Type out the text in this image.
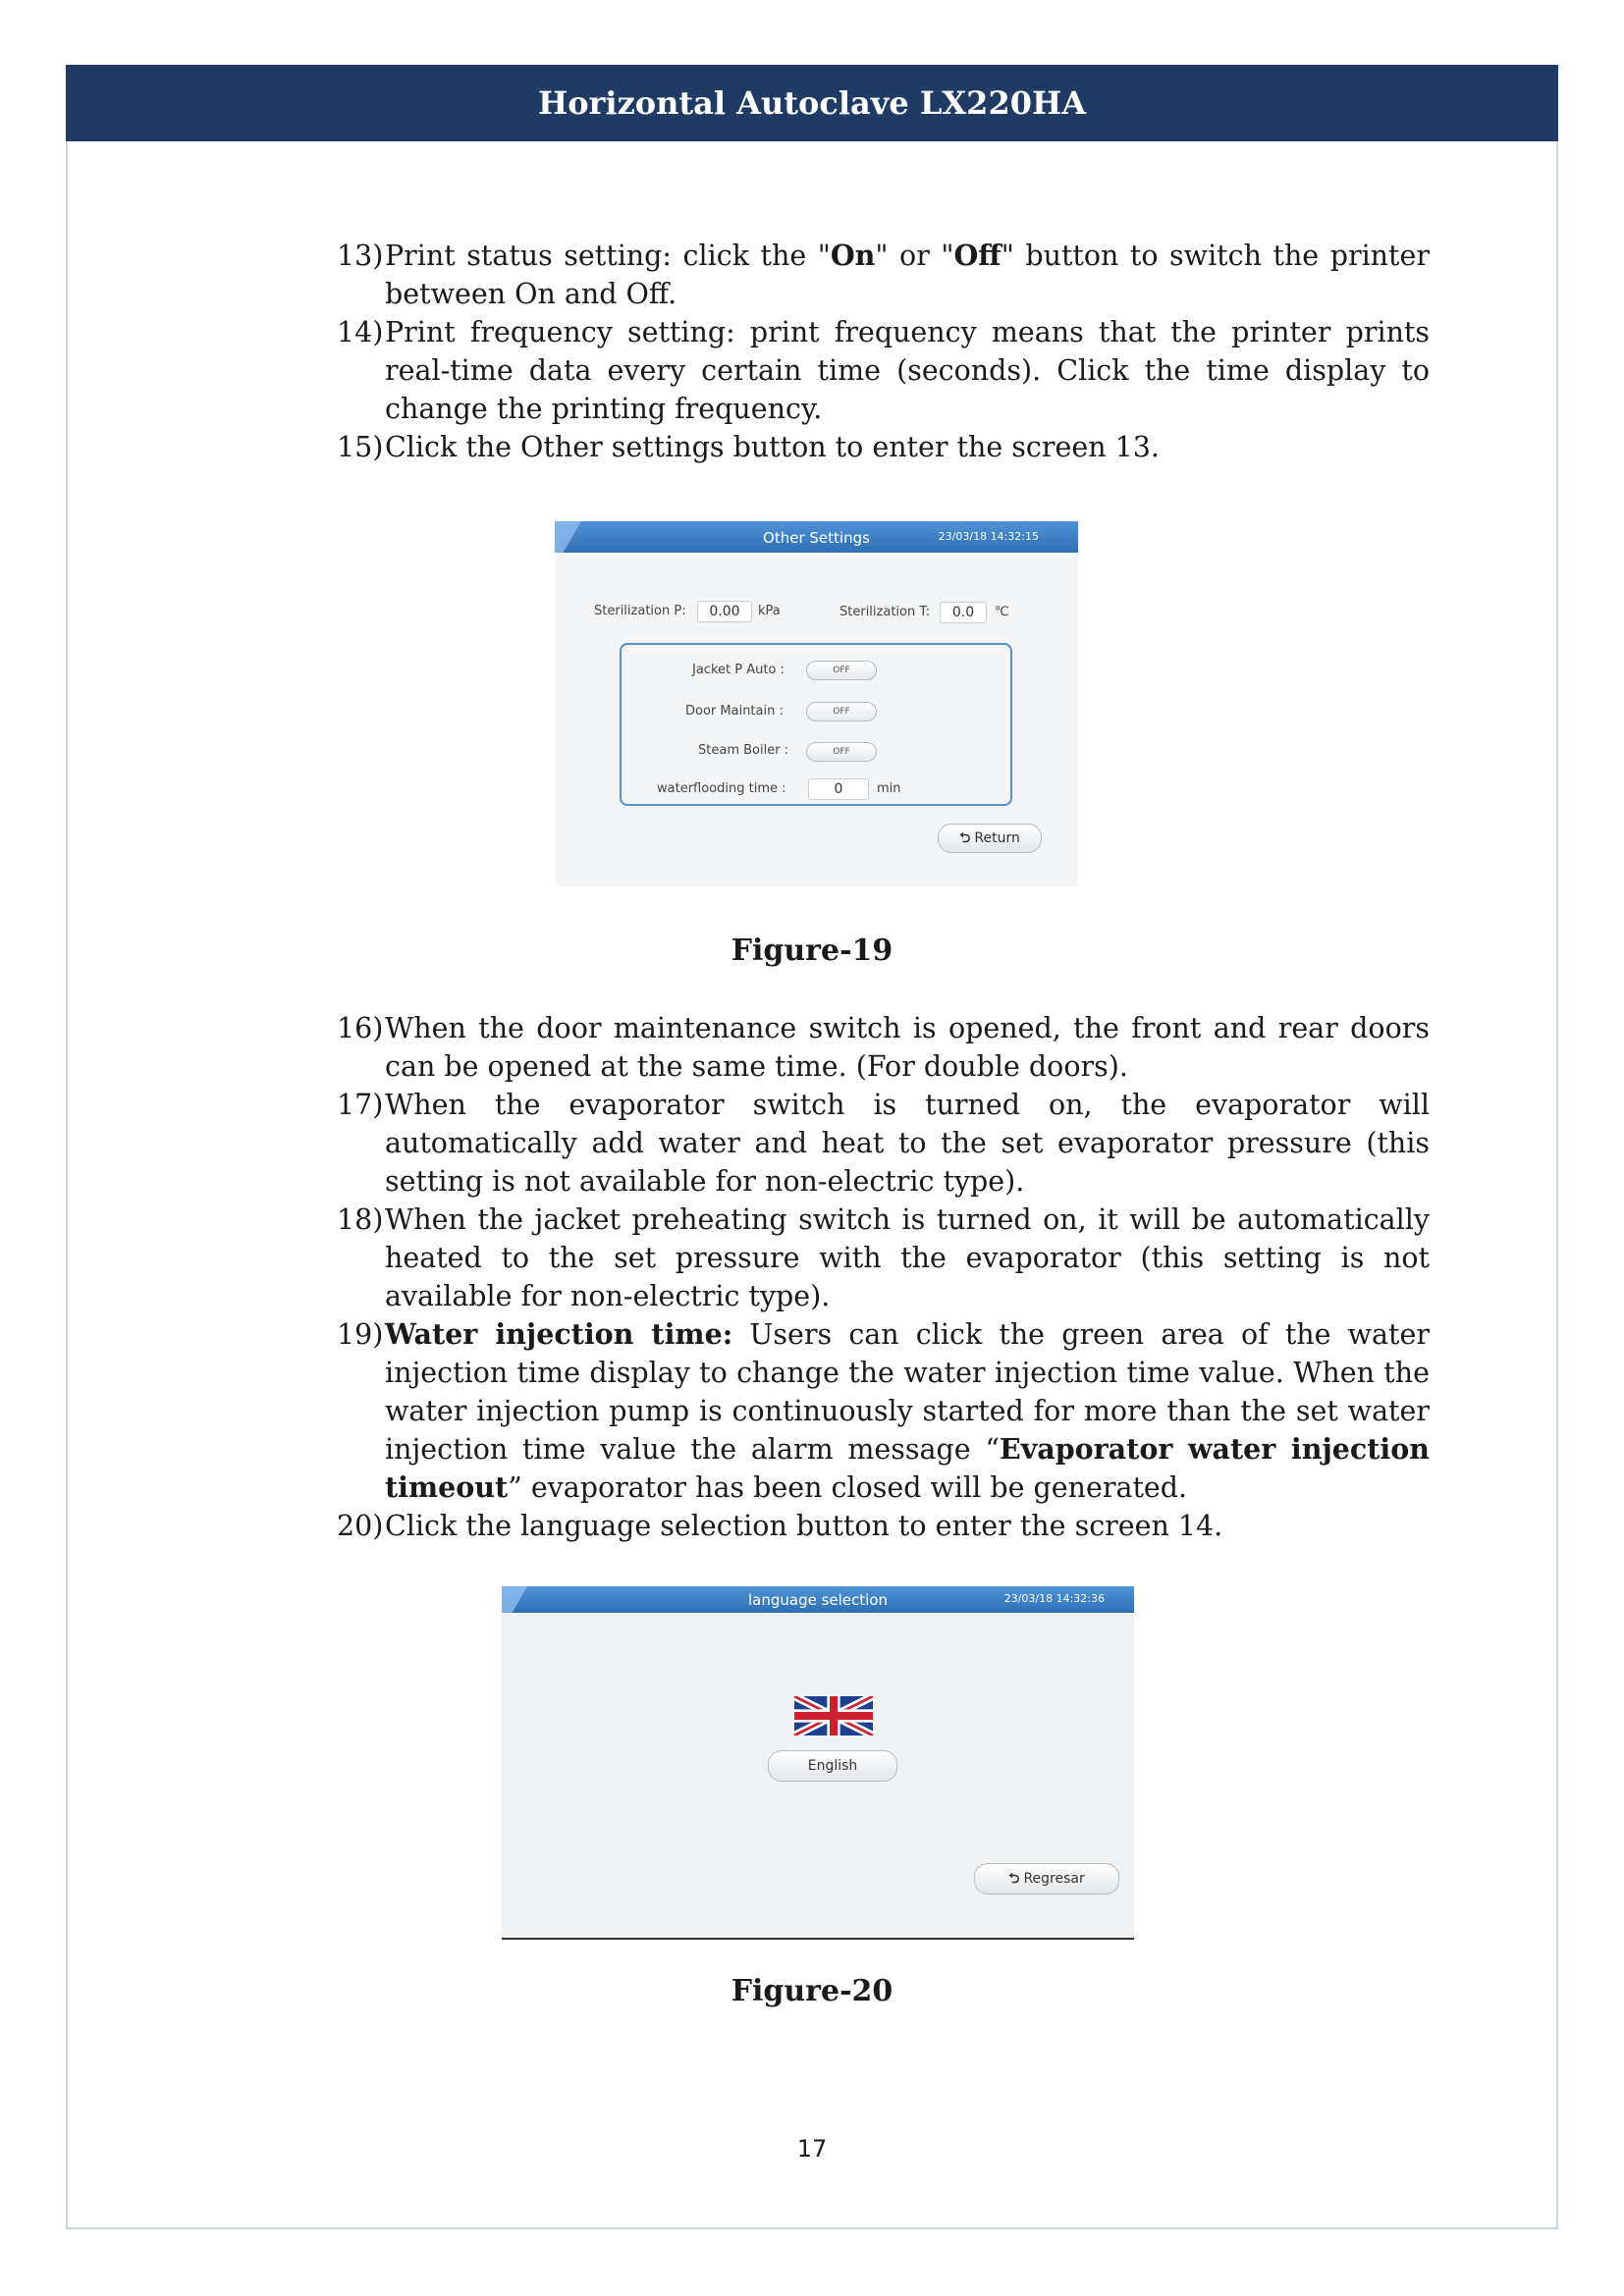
Horizontal Autoclave LX220HA
13) Print status setting: click the "On" or "Off" button to switch the printer between On and Off.
14) Print frequency setting: print frequency means that the printer prints real-time data every certain time (seconds). Click the time display to change the printing frequency.
15) Click the Other settings button to enter the screen 13.
Other Settings	23/03/18 14:32:15
Sterilization P:	0.00	kPa	Sterilization T:	0.0	℃
Jacket P Auto :	OFF
Door Maintain :	OFF
Steam Boiler :	OFF
waterflooding time :	0	min
⮌ Return
Figure-19
16) When the door maintenance switch is opened, the front and rear doors can be opened at the same time. (For double doors).
17) When the evaporator switch is turned on, the evaporator will automatically add water and heat to the set evaporator pressure (this setting is not available for non-electric type).
18) When the jacket preheating switch is turned on, it will be automatically heated to the set pressure with the evaporator (this setting is not available for non-electric type).
19) Water injection time: Users can click the green area of the water injection time display to change the water injection time value. When the water injection pump is continuously started for more than the set water injection time value the alarm message “Evaporator water injection timeout” evaporator has been closed will be generated.
20) Click the language selection button to enter the screen 14.
language selection	23/03/18 14:32:36
English
⮌ Regresar
Figure-20
17
